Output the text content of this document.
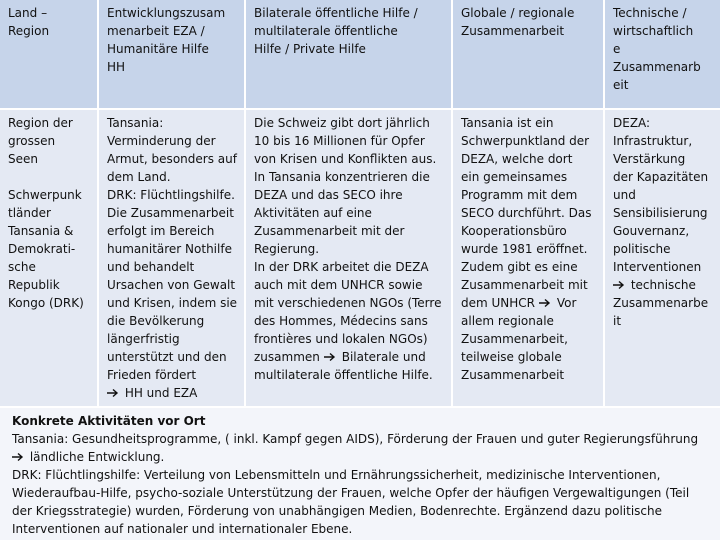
Land –
Region
Entwicklungszusam
menarbeit EZA /
Humanitäre Hilfe
HH
Bilaterale öffentliche Hilfe /
multilaterale öffentliche
Hilfe / Private Hilfe
Globale / regionale
Zusammenarbeit
Technische /
wirtschaftlich
e
Zusammenarb
eit
Region der
grossen
Seen

Schwerpunk
tländer
Tansania &
Demokrati-
sche
Republik
Kongo (DRK)
Tansania:
Verminderung der
Armut, besonders auf
dem Land.
DRK: Flüchtlingshilfe.
Die Zusammenarbeit
erfolgt im Bereich
humanitärer Nothilfe
und behandelt
Ursachen von Gewalt
und Krisen, indem sie
die Bevölkerung
längerfristig
unterstützt und den
Frieden fördert
HH und EZA
Die Schweiz gibt dort jährlich
10 bis 16 Millionen für Opfer
von Krisen und Konflikten aus.
In Tansania konzentrieren die
DEZA und das SECO ihre
Aktivitäten auf eine
Zusammenarbeit mit der
Regierung.
In der DRK arbeitet die DEZA
auch mit dem UNHCR sowie
mit verschiedenen NGOs (Terre
des Hommes, Médecins sans
frontières und lokalen NGOs)
zusammen Bilaterale und
multilaterale öffentliche Hilfe.
Tansania ist ein
Schwerpunktland der
DEZA, welche dort
ein gemeinsames
Programm mit dem
SECO durchführt. Das
Kooperationsbüro
wurde 1981 eröffnet.
Zudem gibt es eine
Zusammenarbeit mit
dem UNHCR Vor
allem regionale
Zusammenarbeit,
teilweise globale
Zusammenarbeit
DEZA:
Infrastruktur,
Verstärkung
der Kapazitäten
und
Sensibilisierung
Gouvernanz,
politische
Interventionen
technische
Zusammenarbe
it
Konkrete Aktivitäten vor Ort
Tansania: Gesundheitsprogramme, ( inkl. Kampf gegen AIDS), Förderung der Frauen und guter Regierungsführung
ländliche Entwicklung.
DRK: Flüchtlingshilfe: Verteilung von Lebensmitteln und Ernährungssicherheit, medizinische Interventionen,
Wiederaufbau-Hilfe, psycho-soziale Unterstützung der Frauen, welche Opfer der häufigen Vergewaltigungen (Teil
der Kriegsstrategie) wurden, Förderung von unabhängigen Medien, Bodenrechte. Ergänzend dazu politische
Interventionen auf nationaler und internationaler Ebene.
